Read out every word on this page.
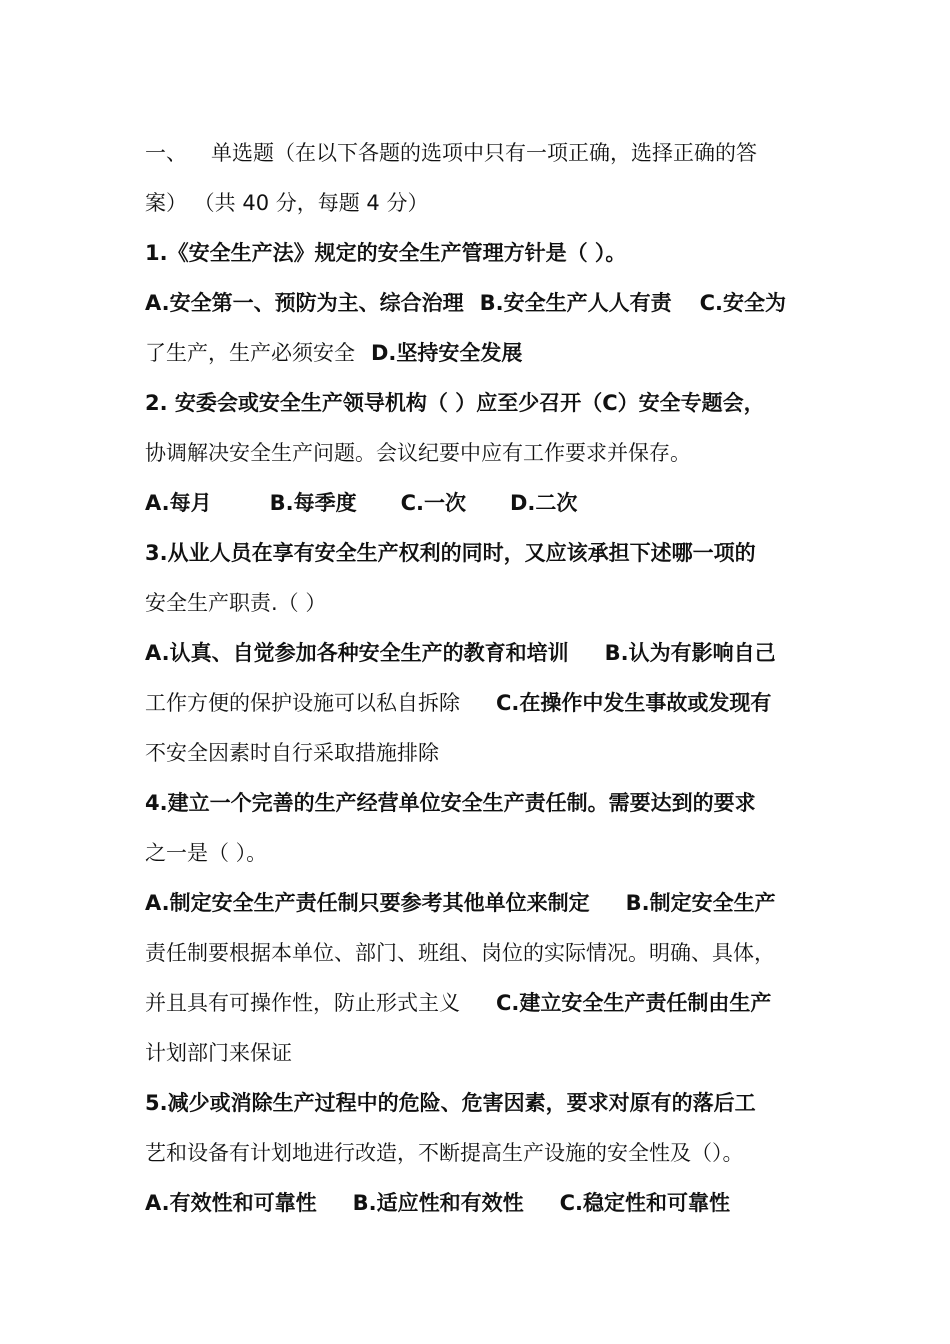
一、 单选题（在以下各题的选项中只有一项正确，选择正确的答
案） （共 40 分，每题 4 分）
1.《安全生产法》规定的安全生产管理方针是（ ）。
A.安全第一、预防为主、综合治理 B.安全生产人人有责 C.安全为
了生产，生产必须安全 D.坚持安全发展
2. 安委会或安全生产领导机构（ ）应至少召开（C）安全专题会，
协调解决安全生产问题。会议纪要中应有工作要求并保存。
A.每月	B.每季度 C.一次 D.二次
3.从业人员在享有安全生产权利的同时，又应该承担下述哪一项的
安全生产职责.（ ）
A.认真、自觉参加各种安全生产的教育和培训 B.认为有影响自己
工作方便的保护设施可以私自拆除 C.在操作中发生事故或发现有
不安全因素时自行采取措施排除
4.建立一个完善的生产经营单位安全生产责任制。需要达到的要求
之一是（ ）。
A.制定安全生产责任制只要参考其他单位来制定 B.制定安全生产
责任制要根据本单位、部门、班组、岗位的实际情况。明确、具体，
并且具有可操作性，防止形式主义 C.建立安全生产责任制由生产
计划部门来保证
5.减少或消除生产过程中的危险、危害因素，要求对原有的落后工
艺和设备有计划地进行改造，不断提高生产设施的安全性及（）。
A.有效性和可靠性 B.适应性和有效性 C.稳定性和可靠性
